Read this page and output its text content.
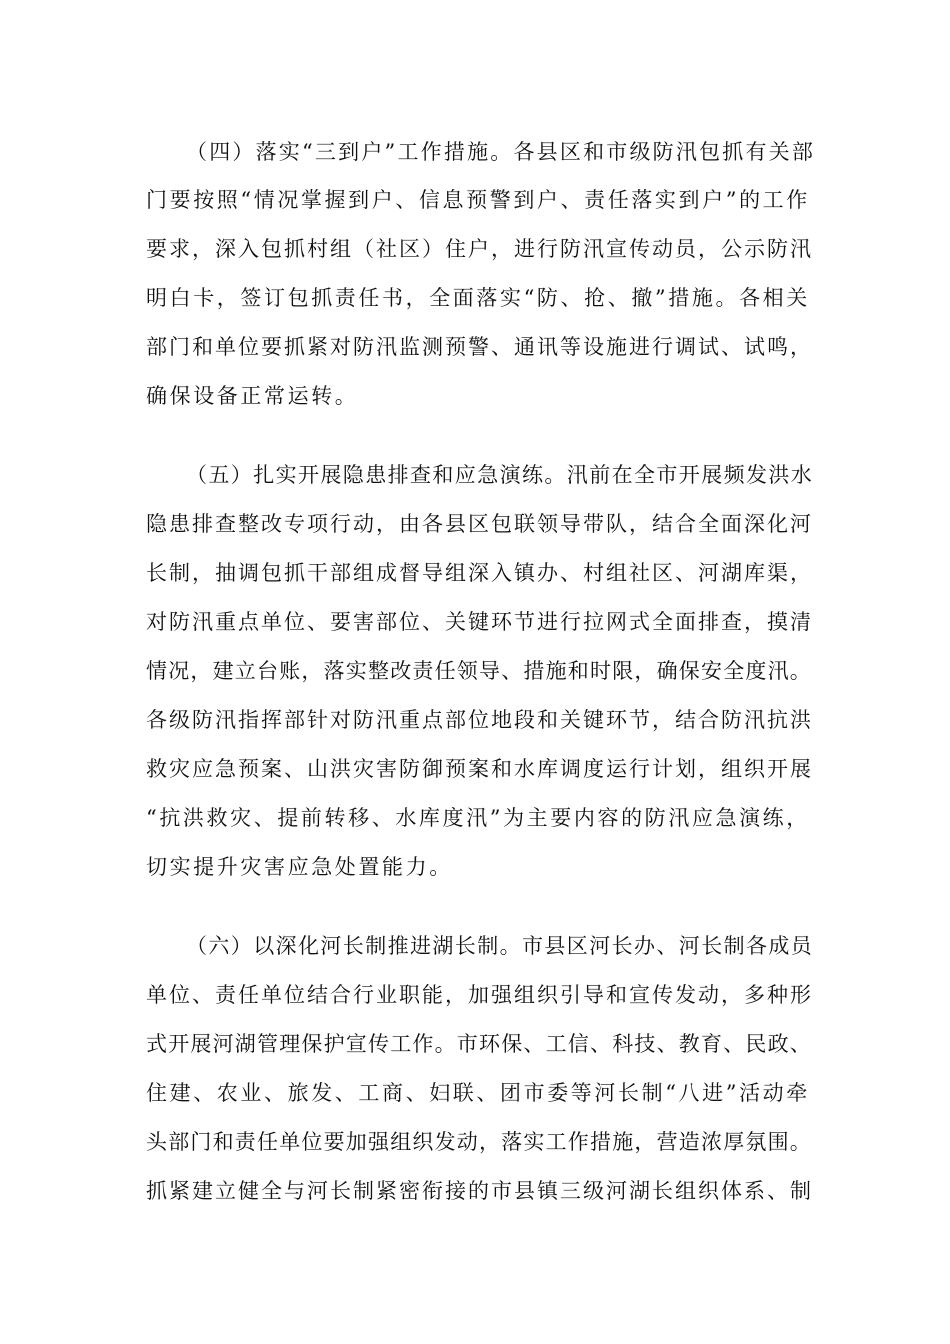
（四）落实“三到户”工作措施。各县区和市级防汛包抓有关部
门要按照“情况掌握到户、信息预警到户、责任落实到户”的工作
要求，深入包抓村组（社区）住户，进行防汛宣传动员，公示防汛
明白卡，签订包抓责任书，全面落实“防、抢、撤”措施。各相关
部门和单位要抓紧对防汛监测预警、通讯等设施进行调试、试鸣，
确保设备正常运转。
（五）扎实开展隐患排查和应急演练。汛前在全市开展频发洪水
隐患排查整改专项行动，由各县区包联领导带队，结合全面深化河
长制，抽调包抓干部组成督导组深入镇办、村组社区、河湖库渠，
对防汛重点单位、要害部位、关键环节进行拉网式全面排查，摸清
情况，建立台账，落实整改责任领导、措施和时限，确保安全度汛。
各级防汛指挥部针对防汛重点部位地段和关键环节，结合防汛抗洪
救灾应急预案、山洪灾害防御预案和水库调度运行计划，组织开展
“抗洪救灾、提前转移、水库度汛”为主要内容的防汛应急演练，
切实提升灾害应急处置能力。
（六）以深化河长制推进湖长制。市县区河长办、河长制各成员
单位、责任单位结合行业职能，加强组织引导和宣传发动，多种形
式开展河湖管理保护宣传工作。市环保、工信、科技、教育、民政、
住建、农业、旅发、工商、妇联、团市委等河长制“八进”活动牵
头部门和责任单位要加强组织发动，落实工作措施，营造浓厚氛围。
抓紧建立健全与河长制紧密衔接的市县镇三级河湖长组织体系、制
